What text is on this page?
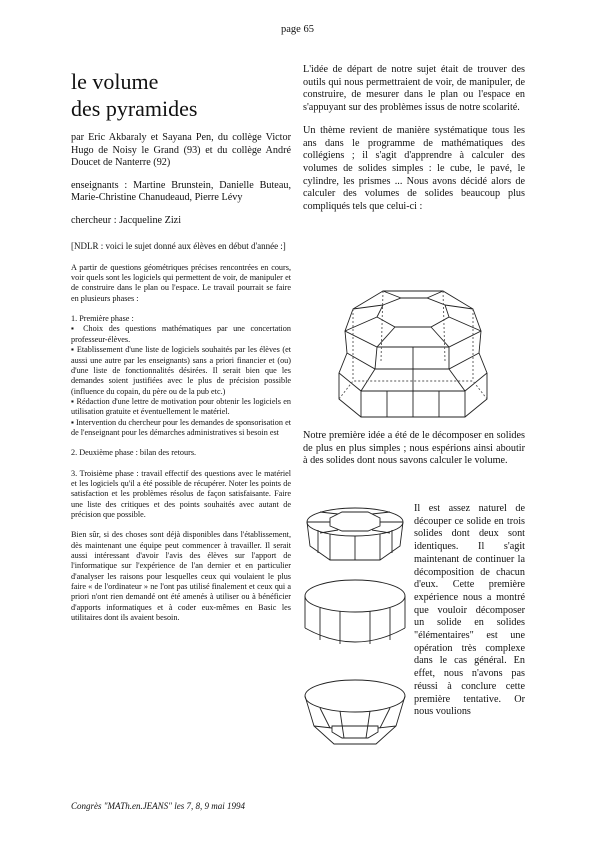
page 65
le volume
des pyramides

par Eric Akbaraly et Sayana Pen, du collège Victor Hugo de Noisy le Grand (93) et du collège André Doucet de Nanterre (92)

enseignants : Martine Brunstein, Danielle Buteau, Marie-Christine Chanudeaud, Pierre Lévy

chercheur : Jacqueline Zizi

[NDLR : voici le sujet donné aux élèves en début d'année :]

A partir de questions géométriques précises rencontrées en cours, voir quels sont les logiciels qui permettent de voir, de manipuler et de construire dans le plan ou l'espace. Le travail pourrait se faire en plusieurs phases :

1. Première phase :

▪ Choix des questions mathématiques par une concertation professeur-élèves.

▪ Etablissement d'une liste de logiciels souhaités par les élèves (et aussi une autre par les enseignants) sans a priori financier et (ou) d'une liste de fonctionnalités désirées. Il serait bien que les demandes soient justifiées avec le plus de précision possible (influence du copain, du père ou de la pub etc.)

▪ Rédaction d'une lettre de motivation pour obtenir les logiciels en utilisation gratuite et éventuellement le matériel.

▪ Intervention du chercheur pour les demandes de sponsorisation et de l'enseignant pour les démarches administratives si besoin est

2. Deuxième phase : bilan des retours.

3. Troisième phase : travail effectif des questions avec le matériel et les logiciels qu'il a été possible de récupérer. Noter les points de satisfaction et les problèmes résolus de façon satisfaisante. Faire une liste des critiques et des points souhaités avec autant de précision que possible.

Bien sûr, si des choses sont déjà disponibles dans l'établissement, dès maintenant une équipe peut commencer à travailler. Il serait aussi intéressant d'avoir l'avis des élèves sur l'apport de l'informatique sur l'expérience de l'an dernier et en particulier d'analyser les raisons pour lesquelles ceux qui voulaient le plus faire « de l'ordinateur » ne l'ont pas utilisé finalement et ceux qui a priori n'ont rien demandé ont été amenés à utiliser ou à bénéficier d'apports informatiques et à coder eux-mêmes en Basic les utilitaires dont ils avaient besoin.

L'idée de départ de notre sujet était de trouver des outils qui nous permettraient de voir, de manipuler, de construire, de mesurer dans le plan ou l'espace en s'appuyant sur des problèmes issus de notre scolarité.

Un thème revient de manière systématique tous les ans dans le programme de mathématiques des collégiens ; il s'agit d'apprendre à calculer des volumes de solides simples : le cube, le pavé, le cylindre, les prismes ... Nous avons décidé alors de calculer des volumes de solides beaucoup plus compliqués tels que celui-ci :

Notre première idée a été de le décomposer en solides de plus en plus simples ; nous espérions ainsi aboutir à des solides dont nous savons calculer le volume.

Il est assez naturel de découper ce solide en trois solides dont deux sont identiques. Il s'agit maintenant de continuer la décomposition de chacun d'eux. Cette première expérience nous a montré que vouloir décomposer un solide en solides "élémentaires" est une opération très complexe dans le cas général. En effet, nous n'avons pas réussi à conclure cette première tentative. Or nous voulions

Congrès "MATh.en.JEANS" les 7, 8, 9 mai 1994
